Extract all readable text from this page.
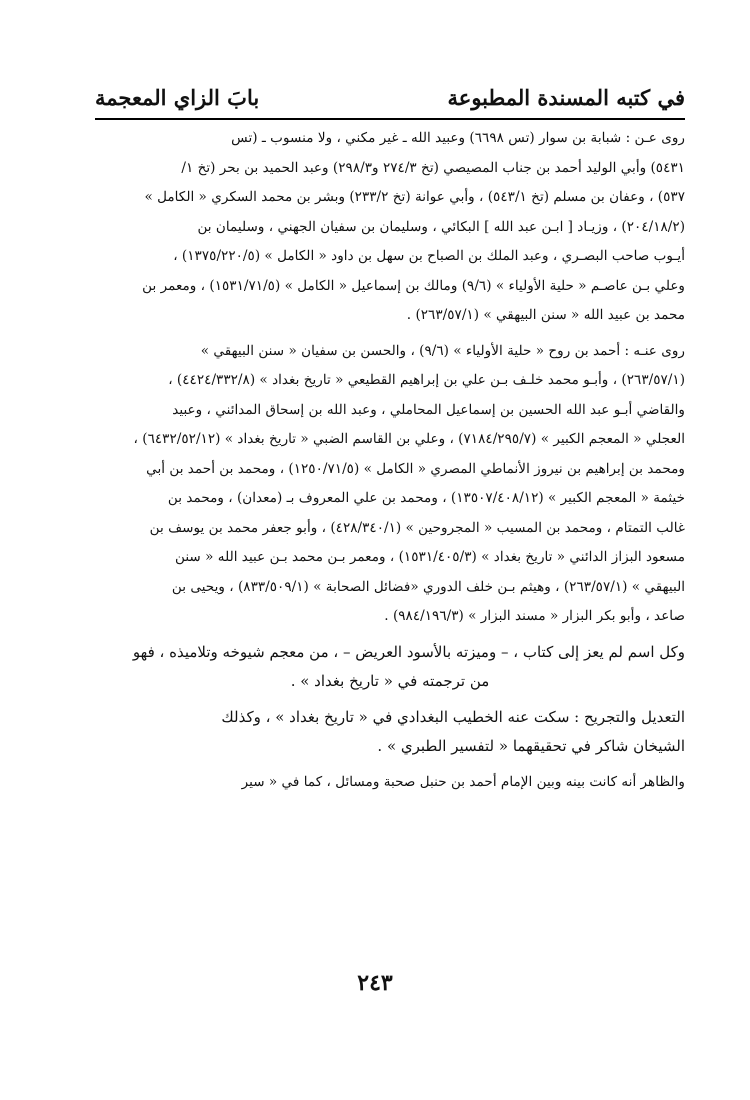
في كتبه المسندة المطبوعة
بابَ الزاي المعجمة
روى عـن : شبابة بن سوار (تس ٦٦٩٨) وعبيد الله ـ غير مكني ، ولا منسوب ـ (تس
٥٤٣١) وأبي الوليد أحمد بن جناب المصيصي (تخ ٢٧٤/٣ و٢٩٨/٣) وعبد الحميد بن بحر (تخ ١/
٥٣٧) ، وعفان بن مسلم (تخ ٥٤٣/١) ، وأبي عوانة (تخ ٢٣٣/٢) وبشر بن محمد السكري « الكامل »
(٢٠٤/١٨/٢) ، وزيـاد [ ابـن عبد الله ] البكائي ، وسليمان بن سفيان الجهني ، وسليمان بن
أيـوب صاحب البصـري ، وعبد الملك بن الصباح بن سهل بن داود « الكامل » (١٣٧٥/٢٢٠/٥) ،
وعلي بـن عاصـم « حلية الأولياء » (٩/٦) ومالك بن إسماعيل « الكامل » (١٥٣١/٧١/٥) ، ومعمر بن
محمد بن عبيد الله « سنن البيهقي » (٢٦٣/٥٧/١) .
روى عنـه : أحمد بن روح « حلية الأولياء » (٩/٦) ، والحسن بن سفيان « سنن البيهقي »
(٢٦٣/٥٧/١) ، وأبـو محمد خلـف بـن علي بن إبراهيم القطيعي « تاريخ بغداد » (٤٤٢٤/٣٣٢/٨) ،
والقاضي أبـو عبد الله الحسين بن إسماعيل المحاملي ، وعبد الله بن إسحاق المدائني ، وعبيد
العجلي « المعجم الكبير » (٧١٨٤/٢٩٥/٧) ، وعلي بن القاسم الضبي « تاريخ بغداد » (٦٤٣٢/٥٢/١٢) ،
ومحمد بن إبراهيم بن نيروز الأنماطي المصري « الكامل » (١٢٥٠/٧١/٥) ، ومحمد بن أحمد بن أبي
خيثمة « المعجم الكبير » (١٣٥٠٧/٤٠٨/١٢) ، ومحمد بن علي المعروف بـ (معدان) ، ومحمد بن
غالب التمتام ، ومحمد بن المسيب « المجروحين » (٤٢٨/٣٤٠/١) ، وأبو جعفر محمد بن يوسف بن
مسعود البزاز الدائني « تاريخ بغداد » (١٥٣١/٤٠٥/٣) ، ومعمر بـن محمد بـن عبيد الله « سنن
البيهقي » (٢٦٣/٥٧/١) ، وهيثم بـن خلف الدوري «فضائل الصحابة » (٨٣٣/٥٠٩/١) ، ويحيى بن
صاعد ، وأبو بكر البزار « مسند البزار » (٩٨٤/١٩٦/٣) .
وكل اسم لم يعز إلى كتاب ، – وميزته بالأسود العريض – ، من معجم شيوخه وتلاميذه ، فهو
من ترجمته في « تاريخ بغداد » .
التعديل والتجريح : سكت عنه الخطيب البغدادي في « تاريخ بغداد » ، وكذلك
الشيخان شاكر في تحقيقهما « لتفسير الطبري » .
والظاهر أنه كانت بينه وبين الإمام أحمد بن حنبل صحبة ومسائل ، كما في « سير
٢٤٣
